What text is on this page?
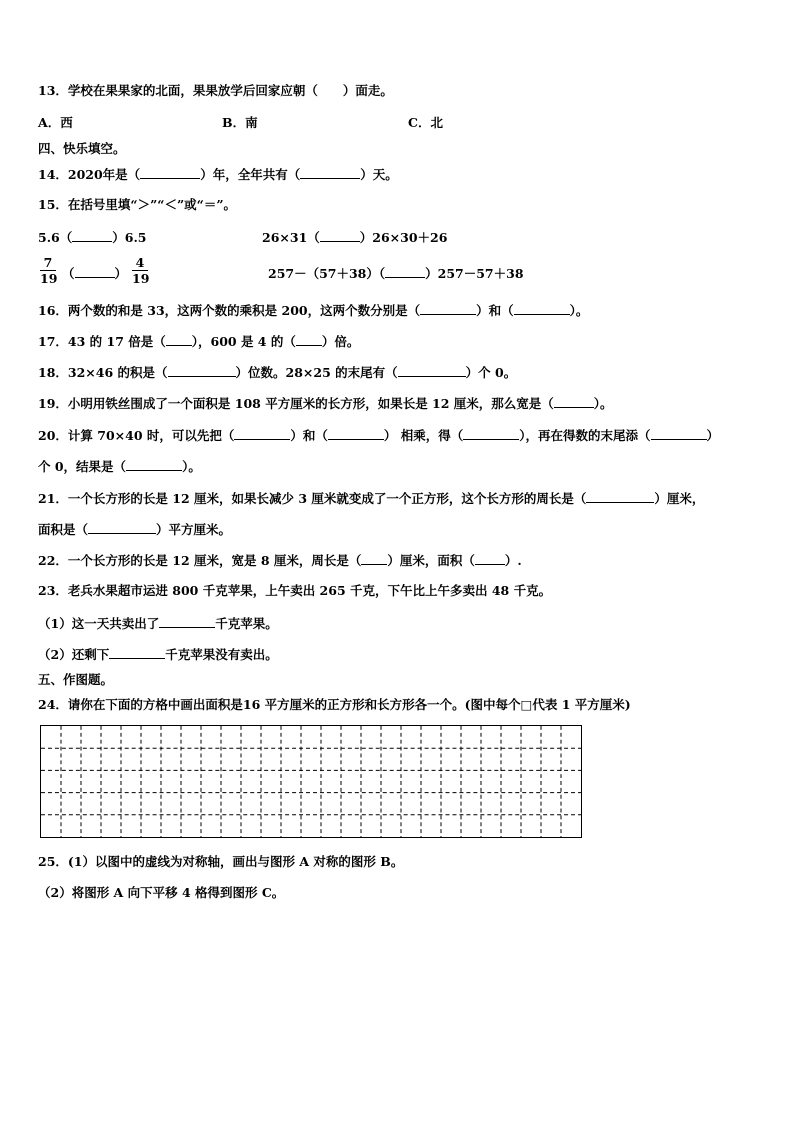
13．学校在果果家的北面，果果放学后回家应朝（　　）面走。
A．西	B．南	C．北
四、快乐填空。
14．2020年是（	）年，全年共有（	）天。
15．在括号里填“＞”“＜”或“＝”。
5.6（	）6.5	26×31（	）26×30＋26
$\frac{7}{19}$ （	） $\frac{4}{19}$	257－（57＋38）（	）257－57＋38
16．两个数的和是 33，这两个数的乘积是 200，这两个数分别是（	）和（	）。
17．43 的 17 倍是（ ），600 是 4 的（ ）倍。
18．32×46 的积是（	）位数。28×25 的末尾有（	）个 0。
19．小明用铁丝围成了一个面积是 108 平方厘米的长方形，如果长是 12 厘米，那么宽是（	）。
20．计算 70×40 时，可以先把（	）和（	） 相乘，得（	），再在得数的末尾添（	）
个 0，结果是（	）。
21．一个长方形的长是 12 厘米，如果长减少 3 厘米就变成了一个正方形，这个长方形的周长是（	）厘米，
面积是（	）平方厘米。
22．一个长方形的长是 12 厘米，宽是 8 厘米，周长是（ ）厘米，面积（ ）.
23．老兵水果超市运进 800 千克苹果，上午卖出 265 千克，下午比上午多卖出 48 千克。
（1）这一天共卖出了	千克苹果。
（2）还剩下	千克苹果没有卖出。
五、作图题。
24．请你在下面的方格中画出面积是16 平方厘米的正方形和长方形各一个。(图中每个□代表 1 平方厘米)
25．(1）以图中的虚线为对称轴，画出与图形 A 对称的图形 B。
（2）将图形 A 向下平移 4 格得到图形 C。
